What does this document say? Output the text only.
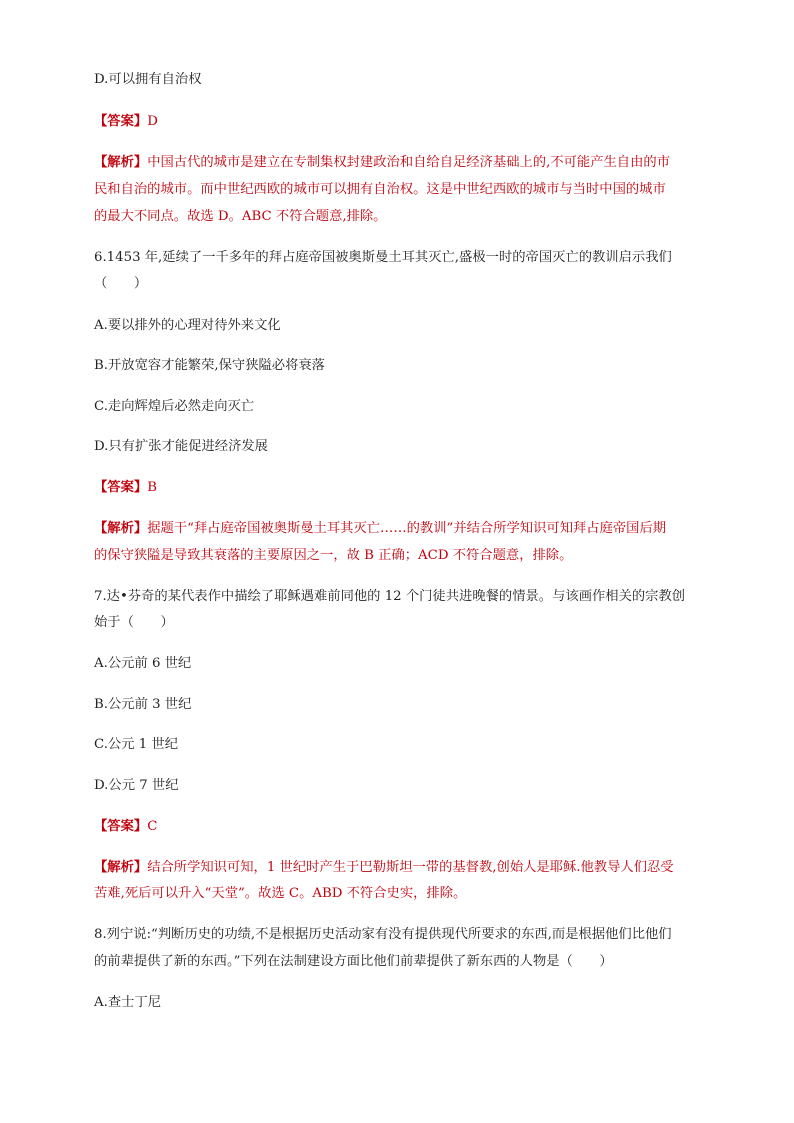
D.可以拥有自治权
【答案】D
【解析】中国古代的城市是建立在专制集权封建政治和自给自足经济基础上的,不可能产生自由的市
民和自治的城市。而中世纪西欧的城市可以拥有自治权。这是中世纪西欧的城市与当时中国的城市
的最大不同点。故选 D。ABC 不符合题意,排除。
6.1453 年,延续了一千多年的拜占庭帝国被奥斯曼土耳其灭亡,盛极一时的帝国灭亡的教训启示我们
（　　）
A.要以排外的心理对待外来文化
B.开放宽容才能繁荣,保守狭隘必将衰落
C.走向辉煌后必然走向灭亡
D.只有扩张才能促进经济发展
【答案】B
【解析】据题干“拜占庭帝国被奥斯曼土耳其灭亡……的教训”并结合所学知识可知拜占庭帝国后期
的保守狭隘是导致其衰落的主要原因之一，故 B 正确；ACD 不符合题意，排除。
7.达•芬奇的某代表作中描绘了耶稣遇难前同他的 12 个门徒共进晚餐的情景。与该画作相关的宗教创
始于（　　）
A.公元前 6 世纪
B.公元前 3 世纪
C.公元 1 世纪
D.公元 7 世纪
【答案】C
【解析】结合所学知识可知，1 世纪时产生于巴勒斯坦一带的基督教,创始人是耶稣.他教导人们忍受
苦难,死后可以升入“天堂”。故选 C。ABD 不符合史实，排除。
8.列宁说:“判断历史的功绩,不是根据历史活动家有没有提供现代所要求的东西,而是根据他们比他们
的前辈提供了新的东西。”下列在法制建设方面比他们前辈提供了新东西的人物是（　　）
A.查士丁尼
